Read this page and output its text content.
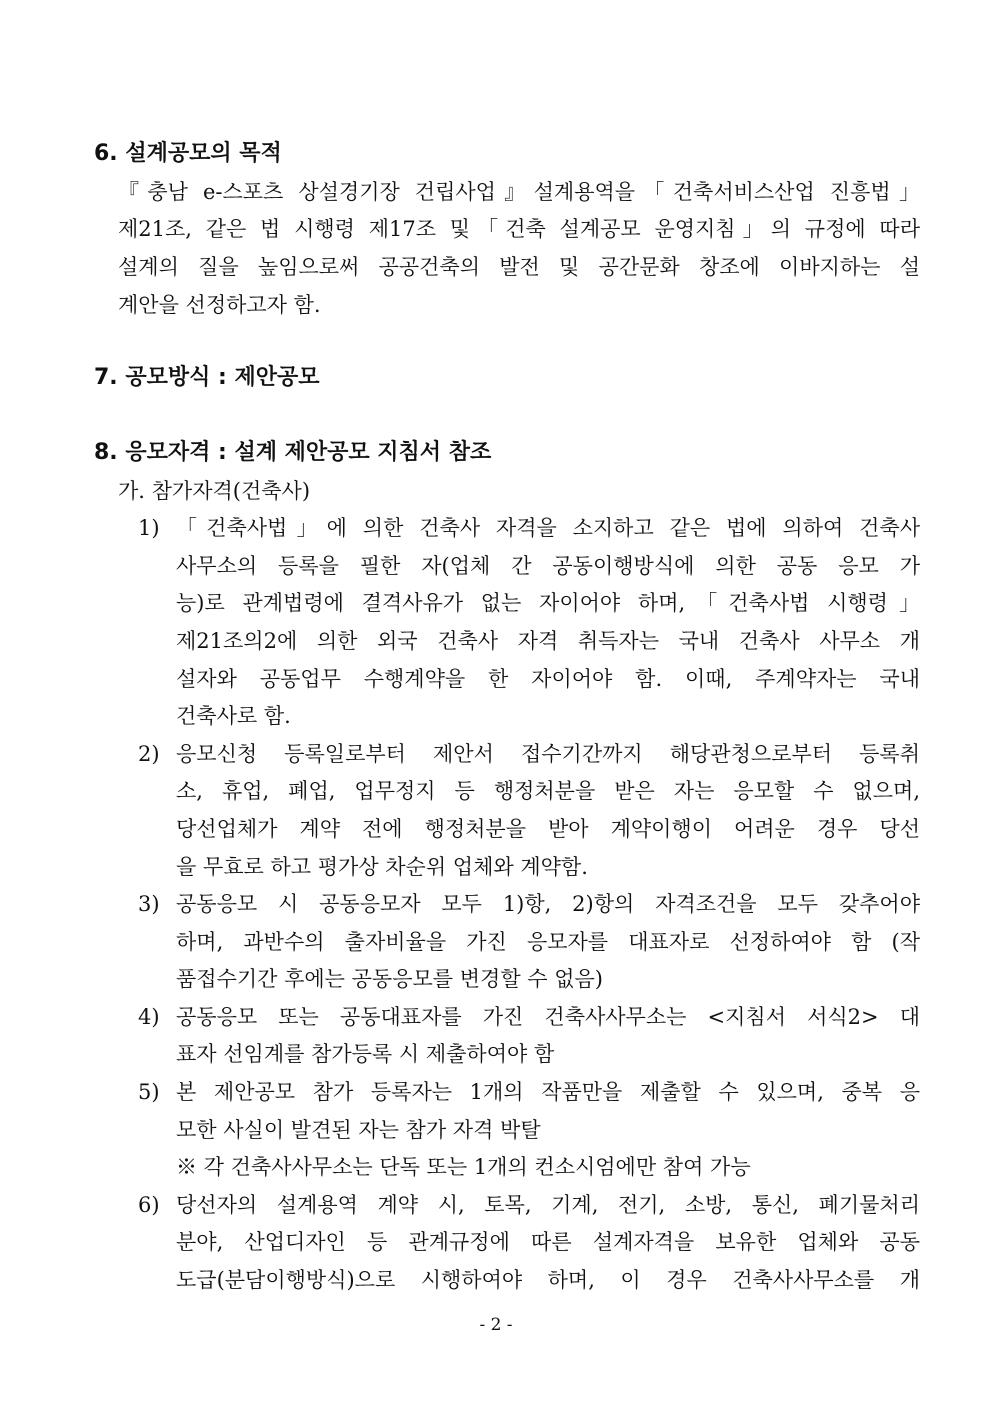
6. 설계공모의 목적
『충남 e-스포츠 상설경기장 건립사업』설계용역을「건축서비스산업 진흥법」
제21조, 같은 법 시행령 제17조 및「건축 설계공모 운영지침」의 규정에 따라
설계의 질을 높임으로써 공공건축의 발전 및 공간문화 창조에 이바지하는 설
계안을 선정하고자 함.
7. 공모방식 : 제안공모
8. 응모자격 : 설계 제안공모 지침서 참조
가. 참가자격(건축사)
1) 「건축사법」에 의한 건축사 자격을 소지하고 같은 법에 의하여 건축사
사무소의 등록을 필한 자(업체 간 공동이행방식에 의한 공동 응모 가
능)로 관계법령에 결격사유가 없는 자이어야 하며,「건축사법 시행령」
제21조의2에 의한 외국 건축사 자격 취득자는 국내 건축사 사무소 개
설자와 공동업무 수행계약을 한 자이어야 함. 이때, 주계약자는 국내
건축사로 함.
2) 응모신청 등록일로부터 제안서 접수기간까지 해당관청으로부터 등록취
소, 휴업, 폐업, 업무정지 등 행정처분을 받은 자는 응모할 수 없으며,
당선업체가 계약 전에 행정처분을 받아 계약이행이 어려운 경우 당선
을 무효로 하고 평가상 차순위 업체와 계약함.
3) 공동응모 시 공동응모자 모두 1)항, 2)항의 자격조건을 모두 갖추어야
하며, 과반수의 출자비율을 가진 응모자를 대표자로 선정하여야 함 (작
품접수기간 후에는 공동응모를 변경할 수 없음)
4) 공동응모 또는 공동대표자를 가진 건축사사무소는 <지침서 서식2> 대
표자 선임계를 참가등록 시 제출하여야 함
5) 본 제안공모 참가 등록자는 1개의 작품만을 제출할 수 있으며, 중복 응
모한 사실이 발견된 자는 참가 자격 박탈
※ 각 건축사사무소는 단독 또는 1개의 컨소시엄에만 참여 가능
6) 당선자의 설계용역 계약 시, 토목, 기계, 전기, 소방, 통신, 폐기물처리
분야, 산업디자인 등 관계규정에 따른 설계자격을 보유한 업체와 공동
도급(분담이행방식)으로 시행하여야 하며, 이 경우 건축사사무소를 개
- 2 -
